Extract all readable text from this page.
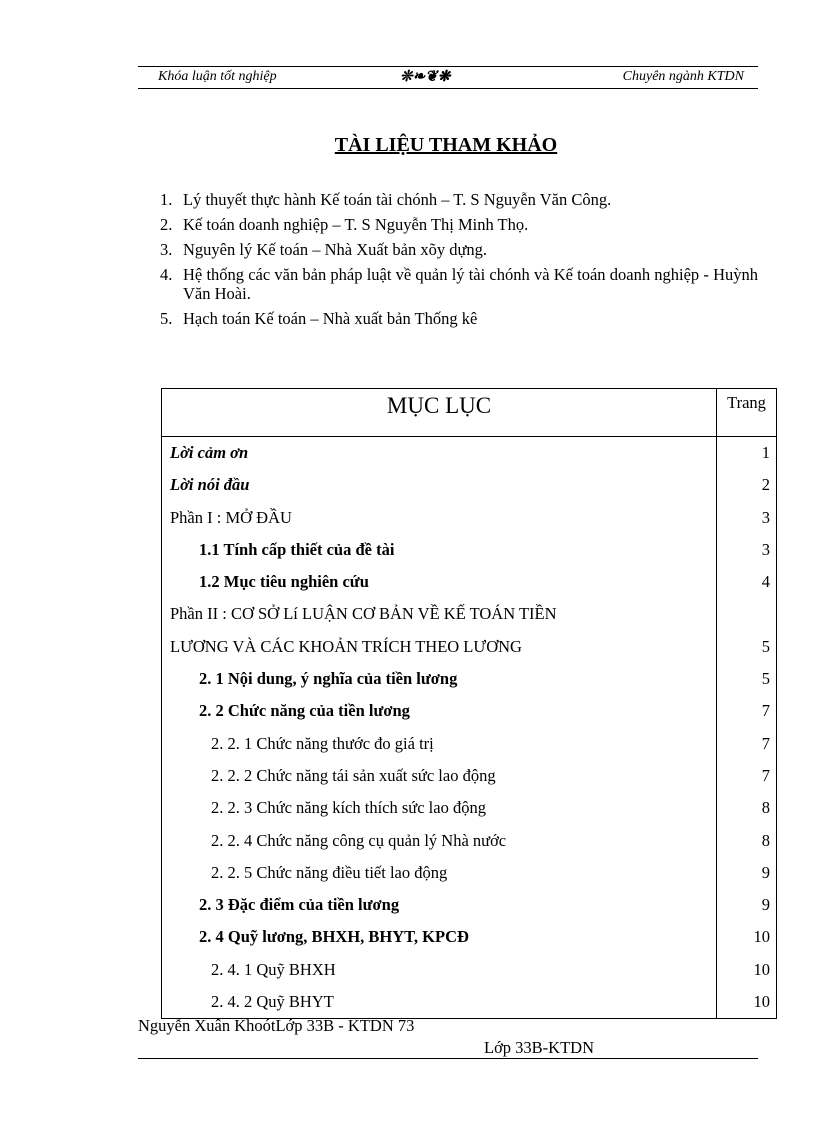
Khóa luận tốt nghiệp	❊❧❦❋	Chuyên ngành KTDN
TÀI LIỆU THAM KHẢO
1. Lý thuyết thực hành Kế toán tài chónh – T. S Nguyễn Văn Công.
2. Kế toán doanh nghiệp – T. S Nguyễn Thị Minh Thọ.
3. Nguyên lý Kế toán – Nhà Xuất bản xõy dựng.
4. Hệ thống các văn bản pháp luật về quản lý tài chónh và Kế toán doanh nghiệp - Huỳnh Văn Hoài.
5. Hạch toán Kế toán – Nhà xuất bản Thống kê
MỤC LỤC	Trang
Lời cảm ơn	1
Lời nói đầu	2
Phần I : MỞ ĐẦU	3
1.1 Tính cấp thiết của đề tài	3
1.2 Mục tiêu nghiên cứu	4

Phần II : CƠ SỞ Lí LUẬN CƠ BẢN VỀ KẾ TOÁN TIỀN
LƯƠNG VÀ CÁC KHOẢN TRÍCH THEO LƯƠNG	5
2. 1 Nội dung, ý nghĩa của tiền lương	5
2. 2 Chức năng của tiền lương	7
2. 2. 1 Chức năng thước đo giá trị	7
2. 2. 2 Chức năng tái sản xuất sức lao động	7
2. 2. 3 Chức năng kích thích sức lao động	8
2. 2. 4 Chức năng công cụ quản lý Nhà nước	8
2. 2. 5 Chức năng điều tiết lao động	9
2. 3 Đặc điểm của tiền lương	9
2. 4 Quỹ lương, BHXH, BHYT, KPCĐ	10
2. 4. 1 Quỹ BHXH	10
2. 4. 2 Quỹ BHYT	10
Nguyễn Xuân KhoótLớp 33B - KTDN 73
Lớp 33B-KTDN
